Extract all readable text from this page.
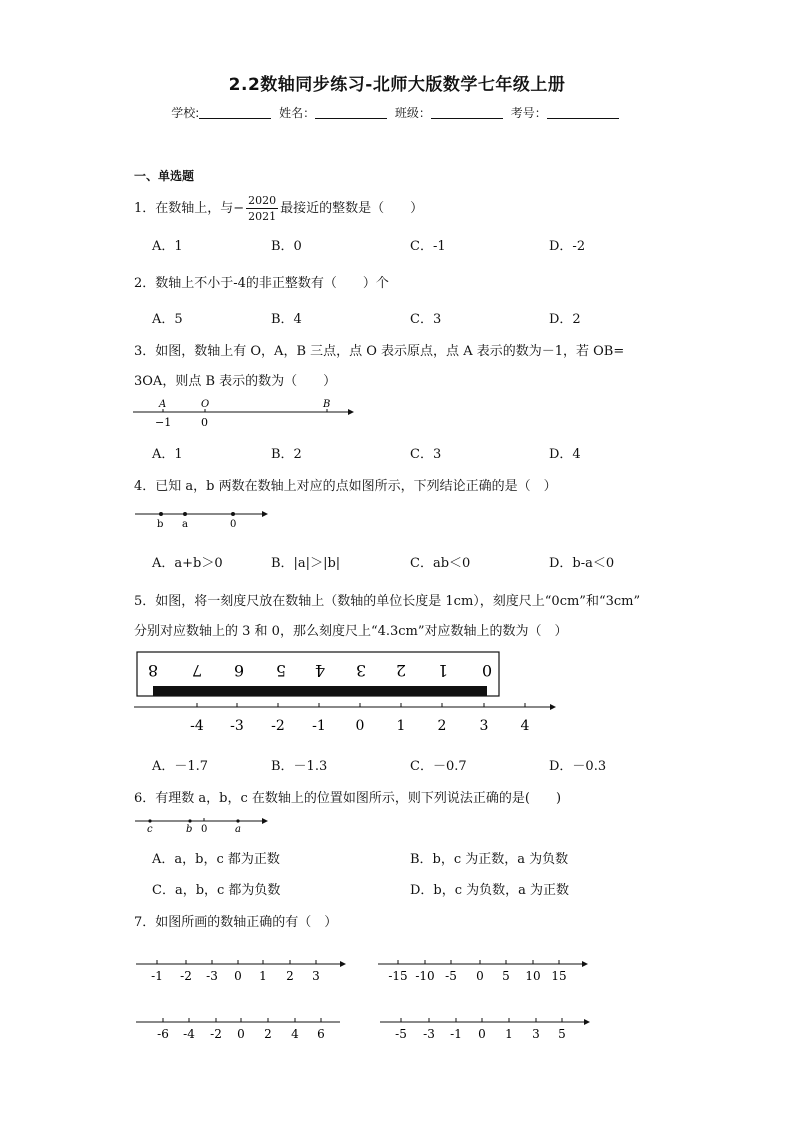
2.2数轴同步练习-北师大版数学七年级上册
学校:	姓名：	班级：	考号：
一、单选题
1．在数轴上，与− $\frac{2020}{2021}$ 最接近的整数是（　　）
A．1	B．0	C．-1	D．-2
2．数轴上不小于-4的非正整数有（　　）个
A．5	B．4	C．3	D．2
3．如图，数轴上有 O，A，B 三点，点 O 表示原点，点 A 表示的数为－1，若 OB=
3OA，则点 B 表示的数为（　　）
A	O	B
−1	0
A．1	B．2	C．3	D．4
4．已知 a，b 两数在数轴上对应的点如图所示，下列结论正确的是（　）
b a	0
A．a+b＞0	B．|a|＞|b|	C．ab＜0	D．b-a＜0
5．如图，将一刻度尺放在数轴上（数轴的单位长度是 1cm），刻度尺上“0cm”和“3cm”
分别对应数轴上的 3 和 0，那么刻度尺上“4.3cm”对应数轴上的数为（　）
8 7 6 5 4 3 2 1 0
-4 -3 -2 -1 0 1 2 3 4
A．－1.7	B．－1.3	C．－0.7	D．－0.3
6．有理数 a，b，c 在数轴上的位置如图所示，则下列说法正确的是(　　)
c	b 0	a
A．a，b，c 都为正数	B．b，c 为正数，a 为负数
C．a，b，c 都为负数	D．b，c 为负数，a 为正数
7．如图所画的数轴正确的有（　）
-1 -2 -3 0 1 2 3	-15 -10 -5 0 5 10 15
-6 -4 -2 0 2 4 6	-5 -3 -1 0 1 3 5
